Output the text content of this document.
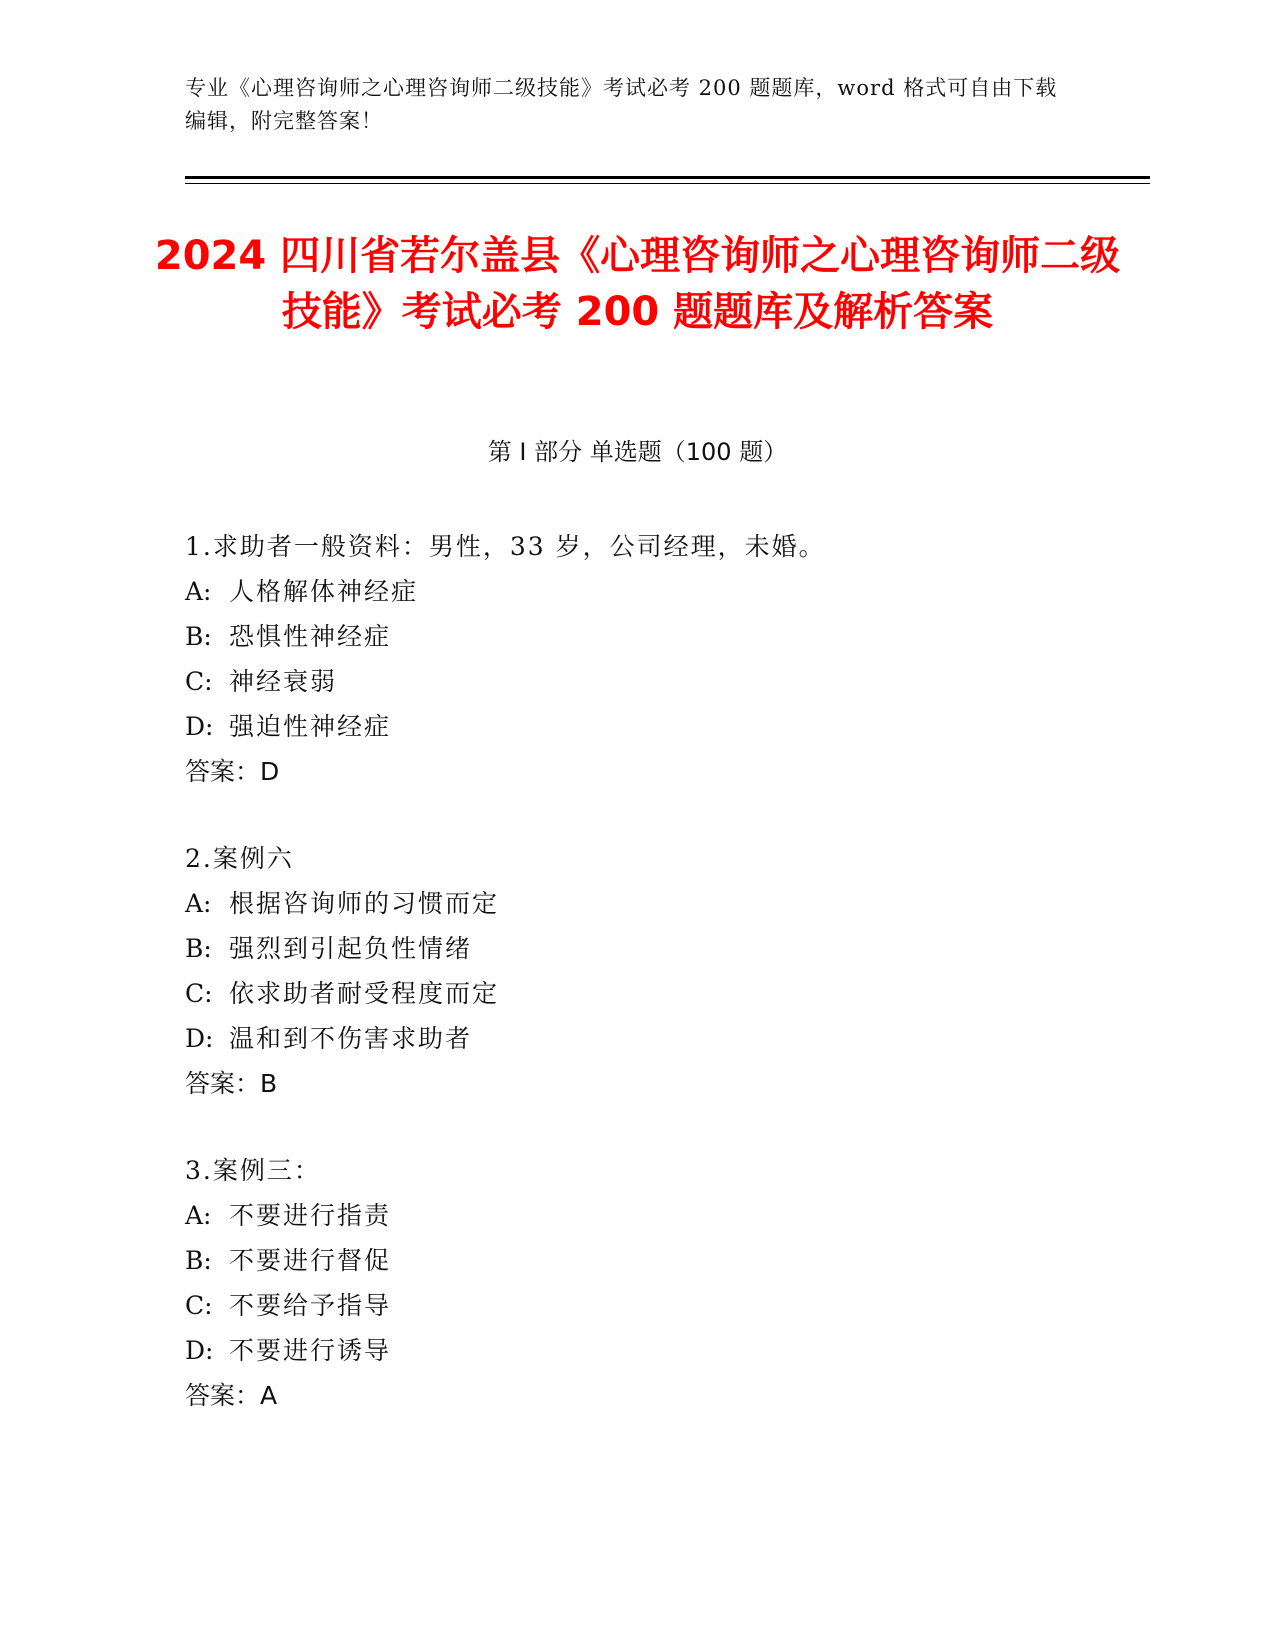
专业《心理咨询师之心理咨询师二级技能》考试必考 200 题题库，word 格式可自由下载编辑，附完整答案！
2024 四川省若尔盖县《心理咨询师之心理咨询师二级技能》考试必考 200 题题库及解析答案
第 I 部分 单选题（100 题）
1.求助者一般资料：男性，33 岁，公司经理，未婚。
A: 人格解体神经症
B: 恐惧性神经症
C: 神经衰弱
D: 强迫性神经症
答案：D
2.案例六
A: 根据咨询师的习惯而定
B: 强烈到引起负性情绪
C: 依求助者耐受程度而定
D: 温和到不伤害求助者
答案：B
3.案例三：
A: 不要进行指责
B: 不要进行督促
C: 不要给予指导
D: 不要进行诱导
答案：A
